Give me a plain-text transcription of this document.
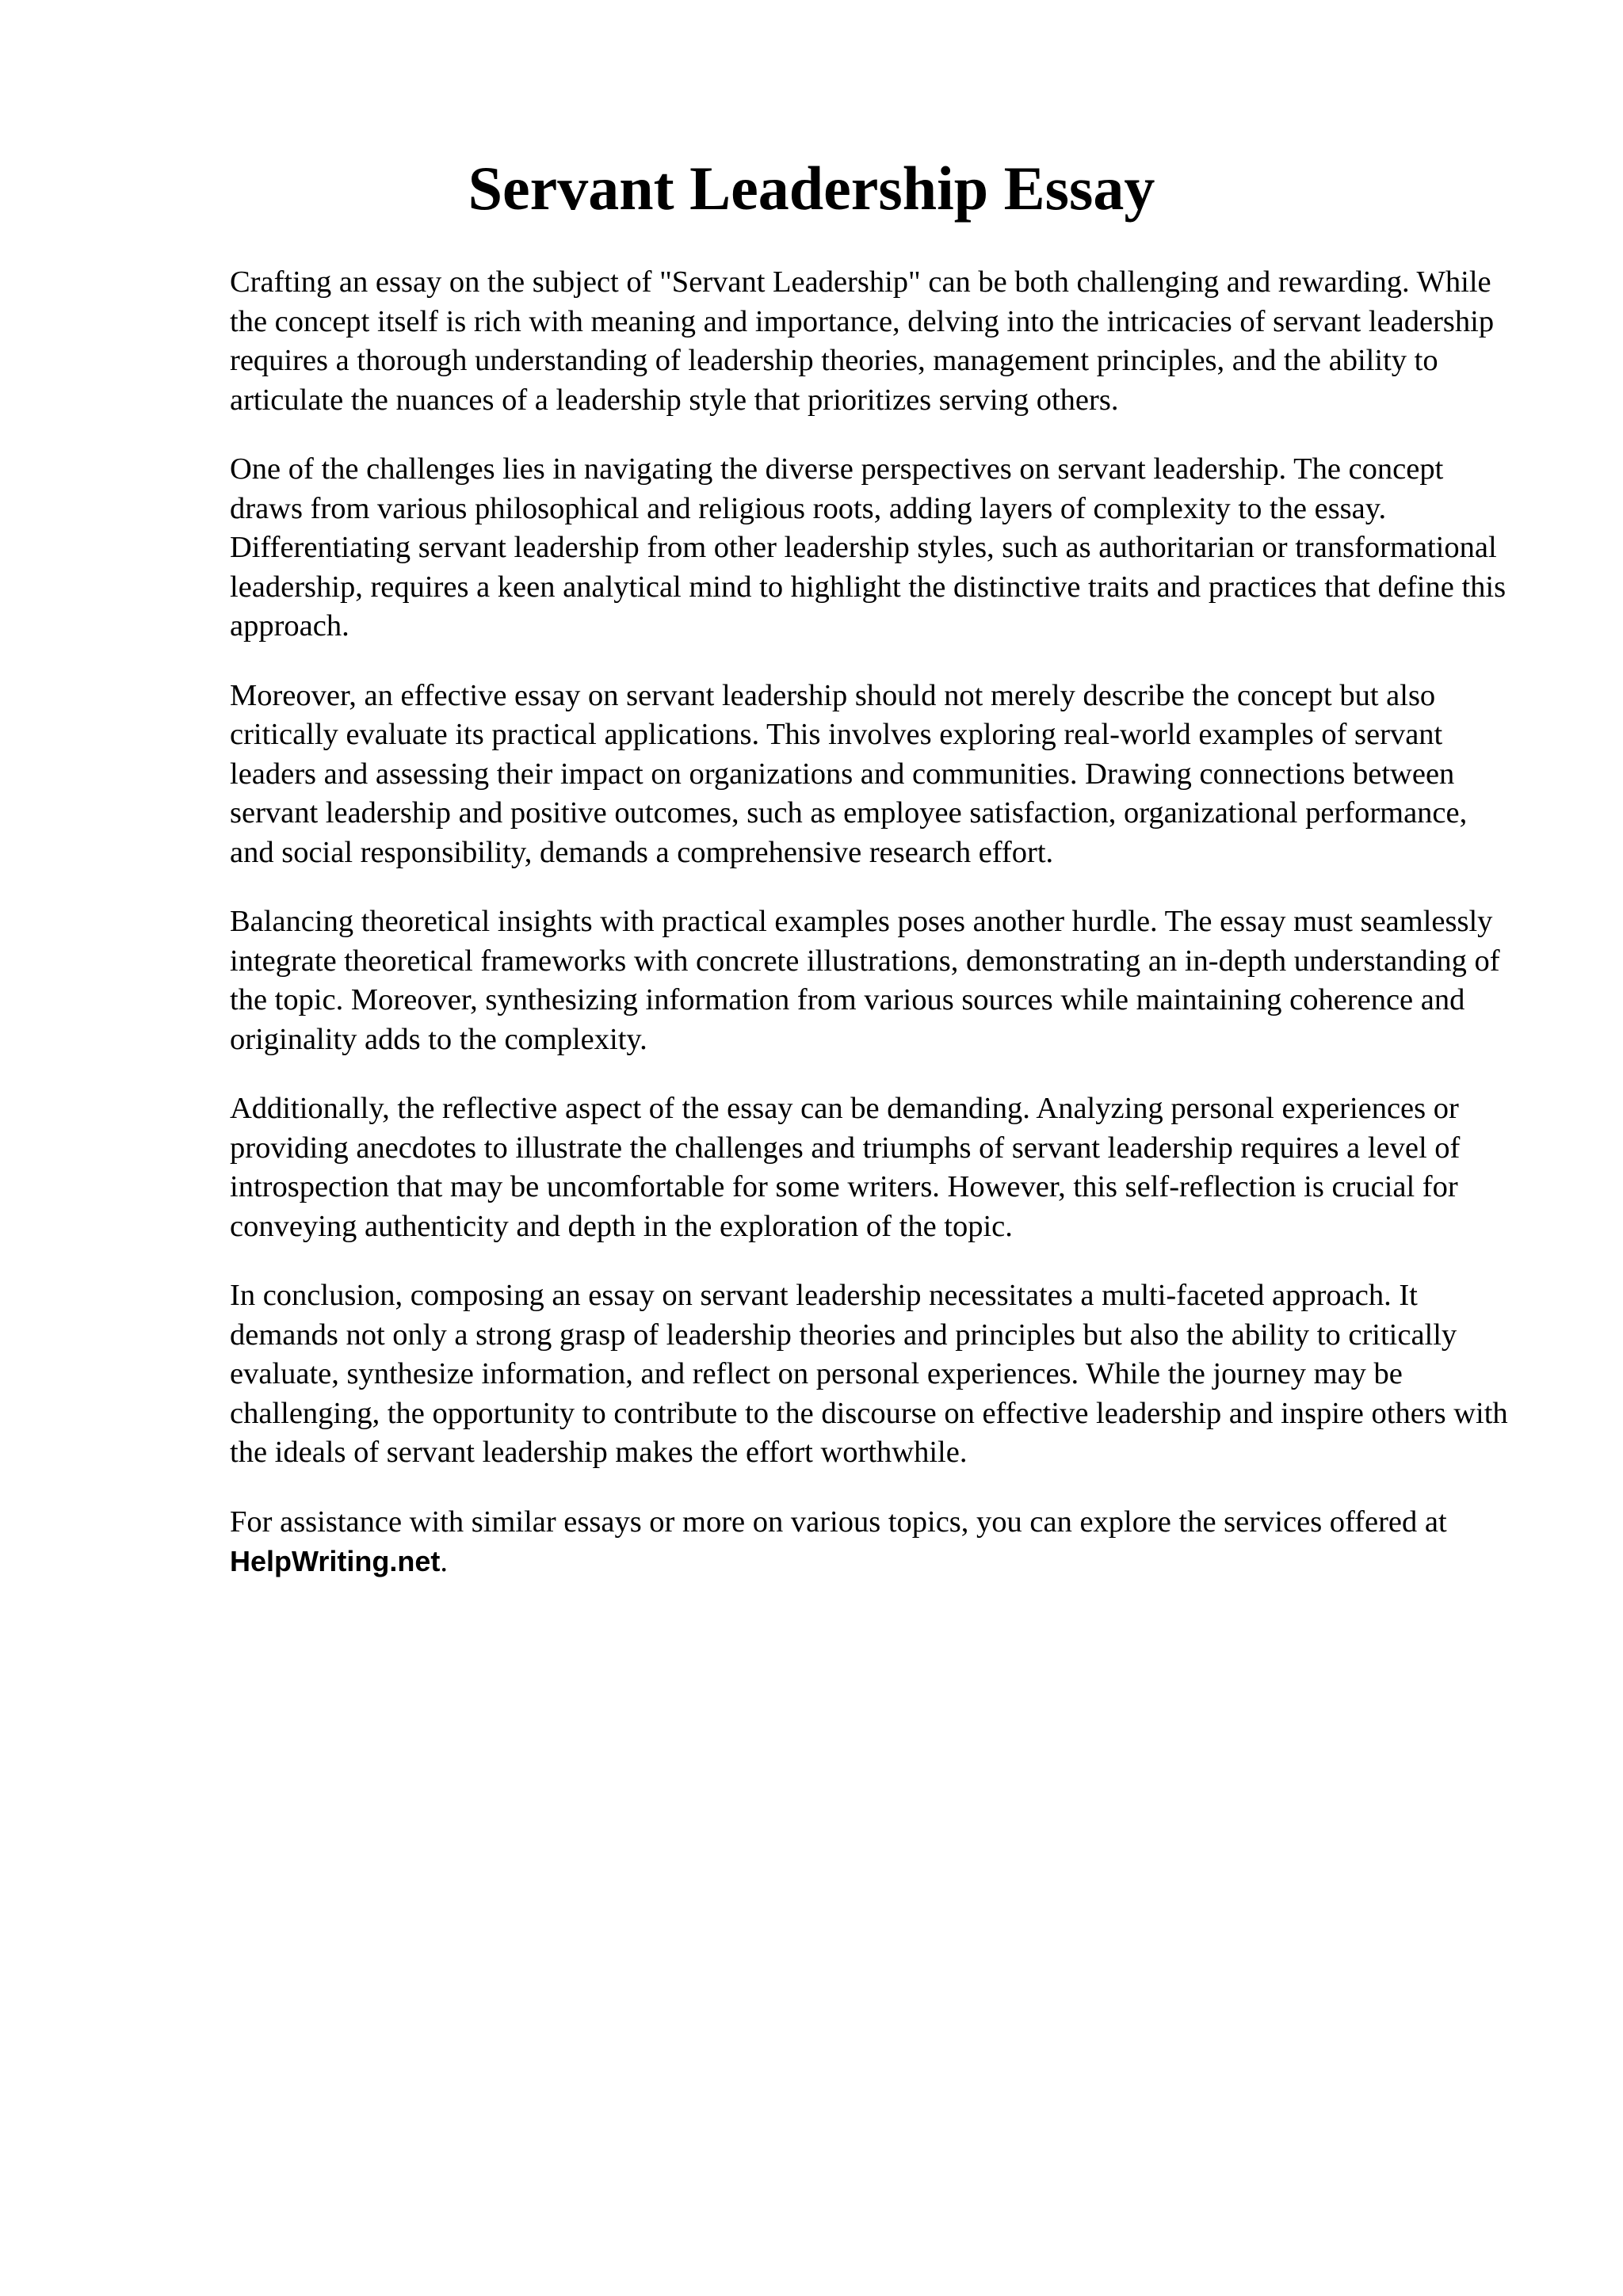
Servant Leadership Essay

Crafting an essay on the subject of "Servant Leadership" can be both challenging and rewarding. While the concept itself is rich with meaning and importance, delving into the intricacies of servant leadership requires a thorough understanding of leadership theories, management principles, and the ability to articulate the nuances of a leadership style that prioritizes serving others.

One of the challenges lies in navigating the diverse perspectives on servant leadership. The concept draws from various philosophical and religious roots, adding layers of complexity to the essay. Differentiating servant leadership from other leadership styles, such as authoritarian or transformational leadership, requires a keen analytical mind to highlight the distinctive traits and practices that define this approach.

Moreover, an effective essay on servant leadership should not merely describe the concept but also critically evaluate its practical applications. This involves exploring real-world examples of servant leaders and assessing their impact on organizations and communities. Drawing connections between servant leadership and positive outcomes, such as employee satisfaction, organizational performance, and social responsibility, demands a comprehensive research effort.

Balancing theoretical insights with practical examples poses another hurdle. The essay must seamlessly integrate theoretical frameworks with concrete illustrations, demonstrating an in-depth understanding of the topic. Moreover, synthesizing information from various sources while maintaining coherence and originality adds to the complexity.

Additionally, the reflective aspect of the essay can be demanding. Analyzing personal experiences or providing anecdotes to illustrate the challenges and triumphs of servant leadership requires a level of introspection that may be uncomfortable for some writers. However, this self-reflection is crucial for conveying authenticity and depth in the exploration of the topic.

In conclusion, composing an essay on servant leadership necessitates a multi-faceted approach. It demands not only a strong grasp of leadership theories and principles but also the ability to critically evaluate, synthesize information, and reflect on personal experiences. While the journey may be challenging, the opportunity to contribute to the discourse on effective leadership and inspire others with the ideals of servant leadership makes the effort worthwhile.

For assistance with similar essays or more on various topics, you can explore the services offered atHelpWriting.net.
